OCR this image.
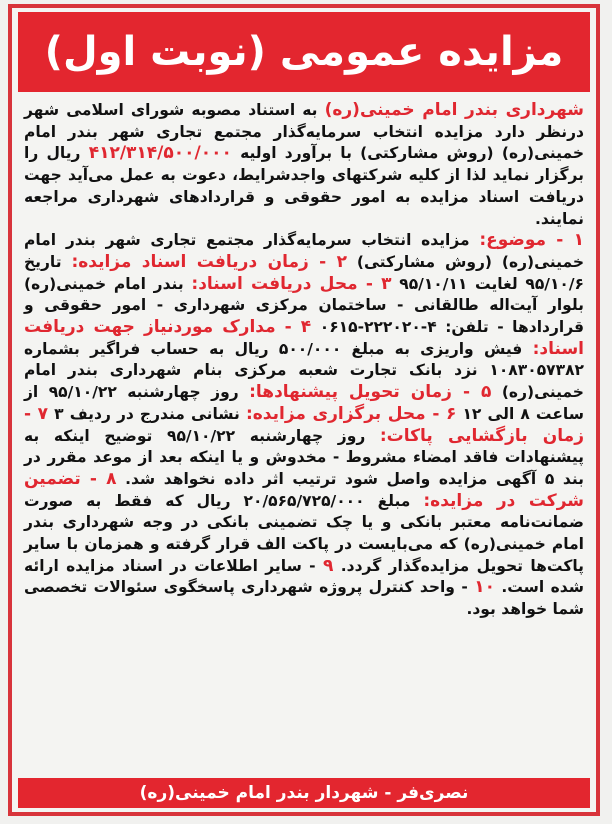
مزایده عمومی (نوبت اول)

شهرداری بندر امام خمینی(ره) به استناد مصوبه شورای اسلامی شهر درنظر دارد مزایده انتخاب سرمایه‌گذار مجتمع تجاری شهر بندر امام خمینی(ره) (روش مشارکتی) با برآورد اولیه ۴۱۲/۳۱۴/۵۰۰/۰۰۰ ریال را برگزار نماید لذا از کلیه شرکتهای واجدشرایط، دعوت به عمل می‌آید جهت دریافت اسناد مزایده به امور حقوقی و قراردادهای شهرداری مراجعه نمایند.

۱ - موضوع: مزایده انتخاب سرمایه‌گذار مجتمع تجاری شهر بندر امام خمینی(ره) (روش مشارکتی) ۲ - زمان دریافت اسناد مزایده: تاریخ ۹۵/۱۰/۶ لغایت ۹۵/۱۰/۱۱ ۳ - محل دریافت اسناد: بندر امام خمینی(ره) بلوار آیت‌اله طالقانی - ساختمان مرکزی شهرداری - امور حقوقی و قراردادها - تلفن: ۴-۲۲۲۰۲۰-۰۶۱۵ ۴ - مدارک موردنیاز جهت دریافت اسناد: فیش واریزی به مبلغ ۵۰۰/۰۰۰ ریال به حساب فراگیر بشماره ۱۰۸۳۰۵۷۳۸۲ نزد بانک تجارت شعبه مرکزی بنام شهرداری بندر امام خمینی(ره) ۵ - زمان تحویل پیشنهادها: روز چهارشنبه ۹۵/۱۰/۲۲ از ساعت ۸ الی ۱۲ ۶ - محل برگزاری مزایده: نشانی مندرج در ردیف ۳ ۷ - زمان بازگشایی پاکات: روز چهارشنبه ۹۵/۱۰/۲۲ توضیح اینکه به پیشنهادات فاقد امضاء مشروط - مخدوش و یا اینکه بعد از موعد مقرر در بند ۵ آگهی مزایده واصل شود ترتیب اثر داده نخواهد شد. ۸ - تضمین شرکت در مزایده: مبلغ ۲۰/۵۶۵/۷۲۵/۰۰۰ ریال که فقط به صورت ضمانت‌نامه معتبر بانکی و یا چک تضمینی بانکی در وجه شهرداری بندر امام خمینی(ره) که می‌بایست در پاکت الف قرار گرفته و همزمان با سایر پاکت‌ها تحویل مزایده‌گذار گردد. ۹ - سایر اطلاعات در اسناد مزایده ارائه شده است. ۱۰ - واحد کنترل پروژه شهرداری پاسخگوی سئوالات تخصصی شما خواهد بود.

نصری‌فر - شهردار بندر امام خمینی(ره)
